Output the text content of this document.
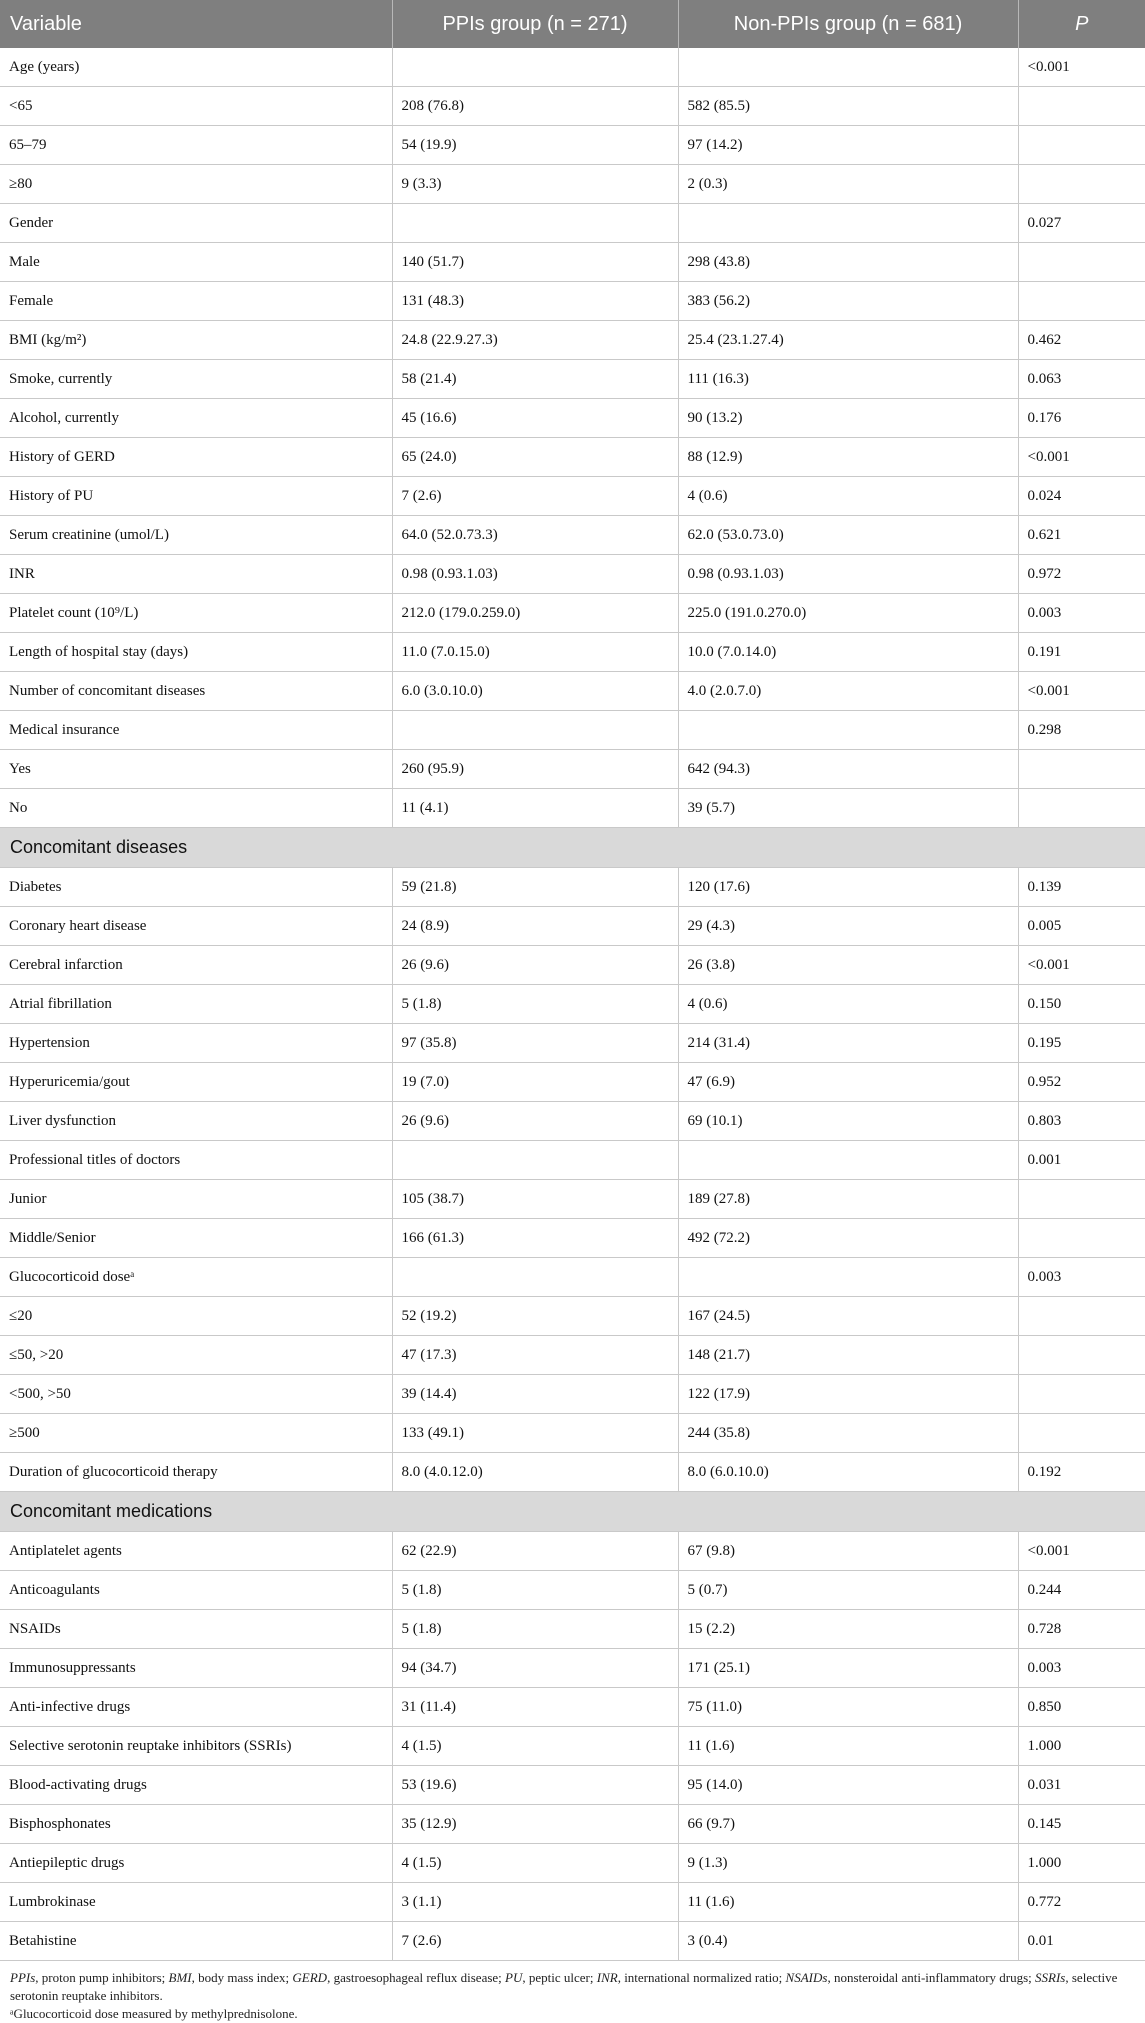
Variable	PPIs group (n = 271)	Non-PPIs group (n = 681)	P
Age (years)			<0.001
<65	208 (76.8)	582 (85.5)	
65–79	54 (19.9)	97 (14.2)	
≥80	9 (3.3)	2 (0.3)	
Gender			0.027
Male	140 (51.7)	298 (43.8)	
Female	131 (48.3)	383 (56.2)	
BMI (kg/m²)	24.8 (22.9.27.3)	25.4 (23.1.27.4)	0.462
Smoke, currently	58 (21.4)	111 (16.3)	0.063
Alcohol, currently	45 (16.6)	90 (13.2)	0.176
History of GERD	65 (24.0)	88 (12.9)	<0.001
History of PU	7 (2.6)	4 (0.6)	0.024
Serum creatinine (umol/L)	64.0 (52.0.73.3)	62.0 (53.0.73.0)	0.621
INR	0.98 (0.93.1.03)	0.98 (0.93.1.03)	0.972
Platelet count (10⁹/L)	212.0 (179.0.259.0)	225.0 (191.0.270.0)	0.003
Length of hospital stay (days)	11.0 (7.0.15.0)	10.0 (7.0.14.0)	0.191
Number of concomitant diseases	6.0 (3.0.10.0)	4.0 (2.0.7.0)	<0.001
Medical insurance			0.298
Yes	260 (95.9)	642 (94.3)	
No	11 (4.1)	39 (5.7)	
Concomitant diseases			
Diabetes	59 (21.8)	120 (17.6)	0.139
Coronary heart disease	24 (8.9)	29 (4.3)	0.005
Cerebral infarction	26 (9.6)	26 (3.8)	<0.001
Atrial fibrillation	5 (1.8)	4 (0.6)	0.150
Hypertension	97 (35.8)	214 (31.4)	0.195
Hyperuricemia/gout	19 (7.0)	47 (6.9)	0.952
Liver dysfunction	26 (9.6)	69 (10.1)	0.803
Professional titles of doctors			0.001
Junior	105 (38.7)	189 (27.8)	
Middle/Senior	166 (61.3)	492 (72.2)	
Glucocorticoid doseᵃ			0.003
≤20	52 (19.2)	167 (24.5)	
≤50, >20	47 (17.3)	148 (21.7)	
<500, >50	39 (14.4)	122 (17.9)	
≥500	133 (49.1)	244 (35.8)	
Duration of glucocorticoid therapy	8.0 (4.0.12.0)	8.0 (6.0.10.0)	0.192
Concomitant medications			
Antiplatelet agents	62 (22.9)	67 (9.8)	<0.001
Anticoagulants	5 (1.8)	5 (0.7)	0.244
NSAIDs	5 (1.8)	15 (2.2)	0.728
Immunosuppressants	94 (34.7)	171 (25.1)	0.003
Anti-infective drugs	31 (11.4)	75 (11.0)	0.850
Selective serotonin reuptake inhibitors (SSRIs)	4 (1.5)	11 (1.6)	1.000
Blood-activating drugs	53 (19.6)	95 (14.0)	0.031
Bisphosphonates	35 (12.9)	66 (9.7)	0.145
Antiepileptic drugs	4 (1.5)	9 (1.3)	1.000
Lumbrokinase	3 (1.1)	11 (1.6)	0.772
Betahistine	7 (2.6)	3 (0.4)	0.01
PPIs, proton pump inhibitors; BMI, body mass index; GERD, gastroesophageal reflux disease; PU, peptic ulcer; INR, international normalized ratio; NSAIDs, nonsteroidal anti-inflammatory drugs; SSRIs, selective serotonin reuptake inhibitors.
ᵃGlucocorticoid dose measured by methylprednisolone.
